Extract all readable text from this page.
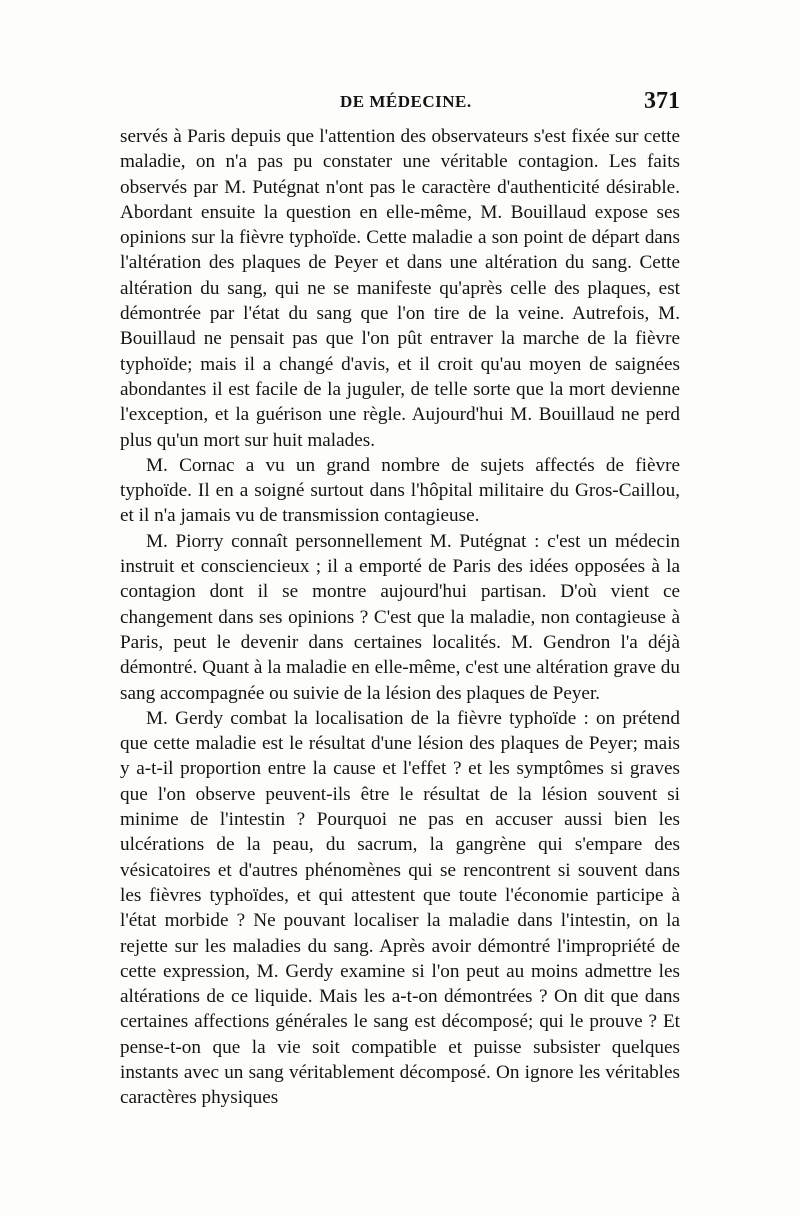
DE MÉDECINE.	371

servés à Paris depuis que l'attention des observateurs s'est fixée sur cette maladie, on n'a pas pu constater une véritable contagion. Les faits observés par M. Putégnat n'ont pas le caractère d'authenticité désirable. Abordant ensuite la question en elle-même, M. Bouillaud expose ses opinions sur la fièvre typhoïde. Cette maladie a son point de départ dans l'altération des plaques de Peyer et dans une altération du sang. Cette altération du sang, qui ne se manifeste qu'après celle des plaques, est démontrée par l'état du sang que l'on tire de la veine. Autrefois, M. Bouillaud ne pensait pas que l'on pût entraver la marche de la fièvre typhoïde; mais il a changé d'avis, et il croit qu'au moyen de saignées abondantes il est facile de la juguler, de telle sorte que la mort devienne l'exception, et la guérison une règle. Aujourd'hui M. Bouillaud ne perd plus qu'un mort sur huit malades.

M. Cornac a vu un grand nombre de sujets affectés de fièvre typhoïde. Il en a soigné surtout dans l'hôpital militaire du Gros-Caillou, et il n'a jamais vu de transmission contagieuse.

M. Piorry connaît personnellement M. Putégnat : c'est un médecin instruit et consciencieux ; il a emporté de Paris des idées opposées à la contagion dont il se montre aujourd'hui partisan. D'où vient ce changement dans ses opinions ? C'est que la maladie, non contagieuse à Paris, peut le devenir dans certaines localités. M. Gendron l'a déjà démontré. Quant à la maladie en elle-même, c'est une altération grave du sang accompagnée ou suivie de la lésion des plaques de Peyer.

M. Gerdy combat la localisation de la fièvre typhoïde : on prétend que cette maladie est le résultat d'une lésion des plaques de Peyer; mais y a-t-il proportion entre la cause et l'effet ? et les symptômes si graves que l'on observe peuvent-ils être le résultat de la lésion souvent si minime de l'intestin ? Pourquoi ne pas en accuser aussi bien les ulcérations de la peau, du sacrum, la gangrène qui s'empare des vésicatoires et d'autres phénomènes qui se rencontrent si souvent dans les fièvres typhoïdes, et qui attestent que toute l'économie participe à l'état morbide ? Ne pouvant localiser la maladie dans l'intestin, on la rejette sur les maladies du sang. Après avoir démontré l'impropriété de cette expression, M. Gerdy examine si l'on peut au moins admettre les altérations de ce liquide. Mais les a-t-on démontrées ? On dit que dans certaines affections générales le sang est décomposé; qui le prouve ? Et pense-t-on que la vie soit compatible et puisse subsister quelques instants avec un sang véritablement décomposé. On ignore les véritables caractères physiques
